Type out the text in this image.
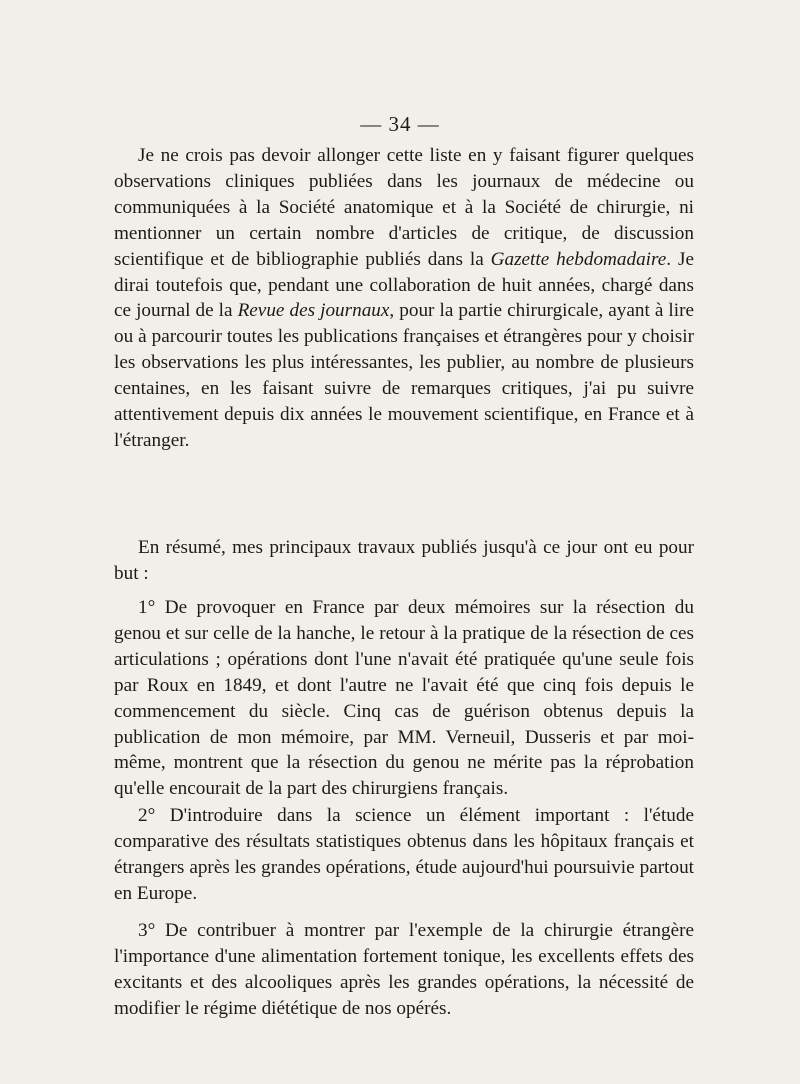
— 34 —

Je ne crois pas devoir allonger cette liste en y faisant figurer quelques observations cliniques publiées dans les journaux de médecine ou communiquées à la Société anatomique et à la Société de chirurgie, ni mentionner un certain nombre d'articles de critique, de discussion scientifique et de bibliographie publiés dans la Gazette hebdomadaire. Je dirai toutefois que, pendant une collaboration de huit années, chargé dans ce journal de la Revue des journaux, pour la partie chirurgicale, ayant à lire ou à parcourir toutes les publications françaises et étrangères pour y choisir les observations les plus intéressantes, les publier, au nombre de plusieurs centaines, en les faisant suivre de remarques critiques, j'ai pu suivre attentivement depuis dix années le mouvement scientifique, en France et à l'étranger.

En résumé, mes principaux travaux publiés jusqu'à ce jour ont eu pour but :

1° De provoquer en France par deux mémoires sur la résection du genou et sur celle de la hanche, le retour à la pratique de la résection de ces articulations ; opérations dont l'une n'avait été pratiquée qu'une seule fois par Roux en 1849, et dont l'autre ne l'avait été que cinq fois depuis le commencement du siècle. Cinq cas de guérison obtenus depuis la publication de mon mémoire, par MM. Verneuil, Dusseris et par moi-même, montrent que la résection du genou ne mérite pas la réprobation qu'elle encourait de la part des chirurgiens français.

2° D'introduire dans la science un élément important : l'étude comparative des résultats statistiques obtenus dans les hôpitaux français et étrangers après les grandes opérations, étude aujourd'hui poursuivie partout en Europe.

3° De contribuer à montrer par l'exemple de la chirurgie étrangère l'importance d'une alimentation fortement tonique, les excellents effets des excitants et des alcooliques après les grandes opérations, la nécessité de modifier le régime diététique de nos opérés.
